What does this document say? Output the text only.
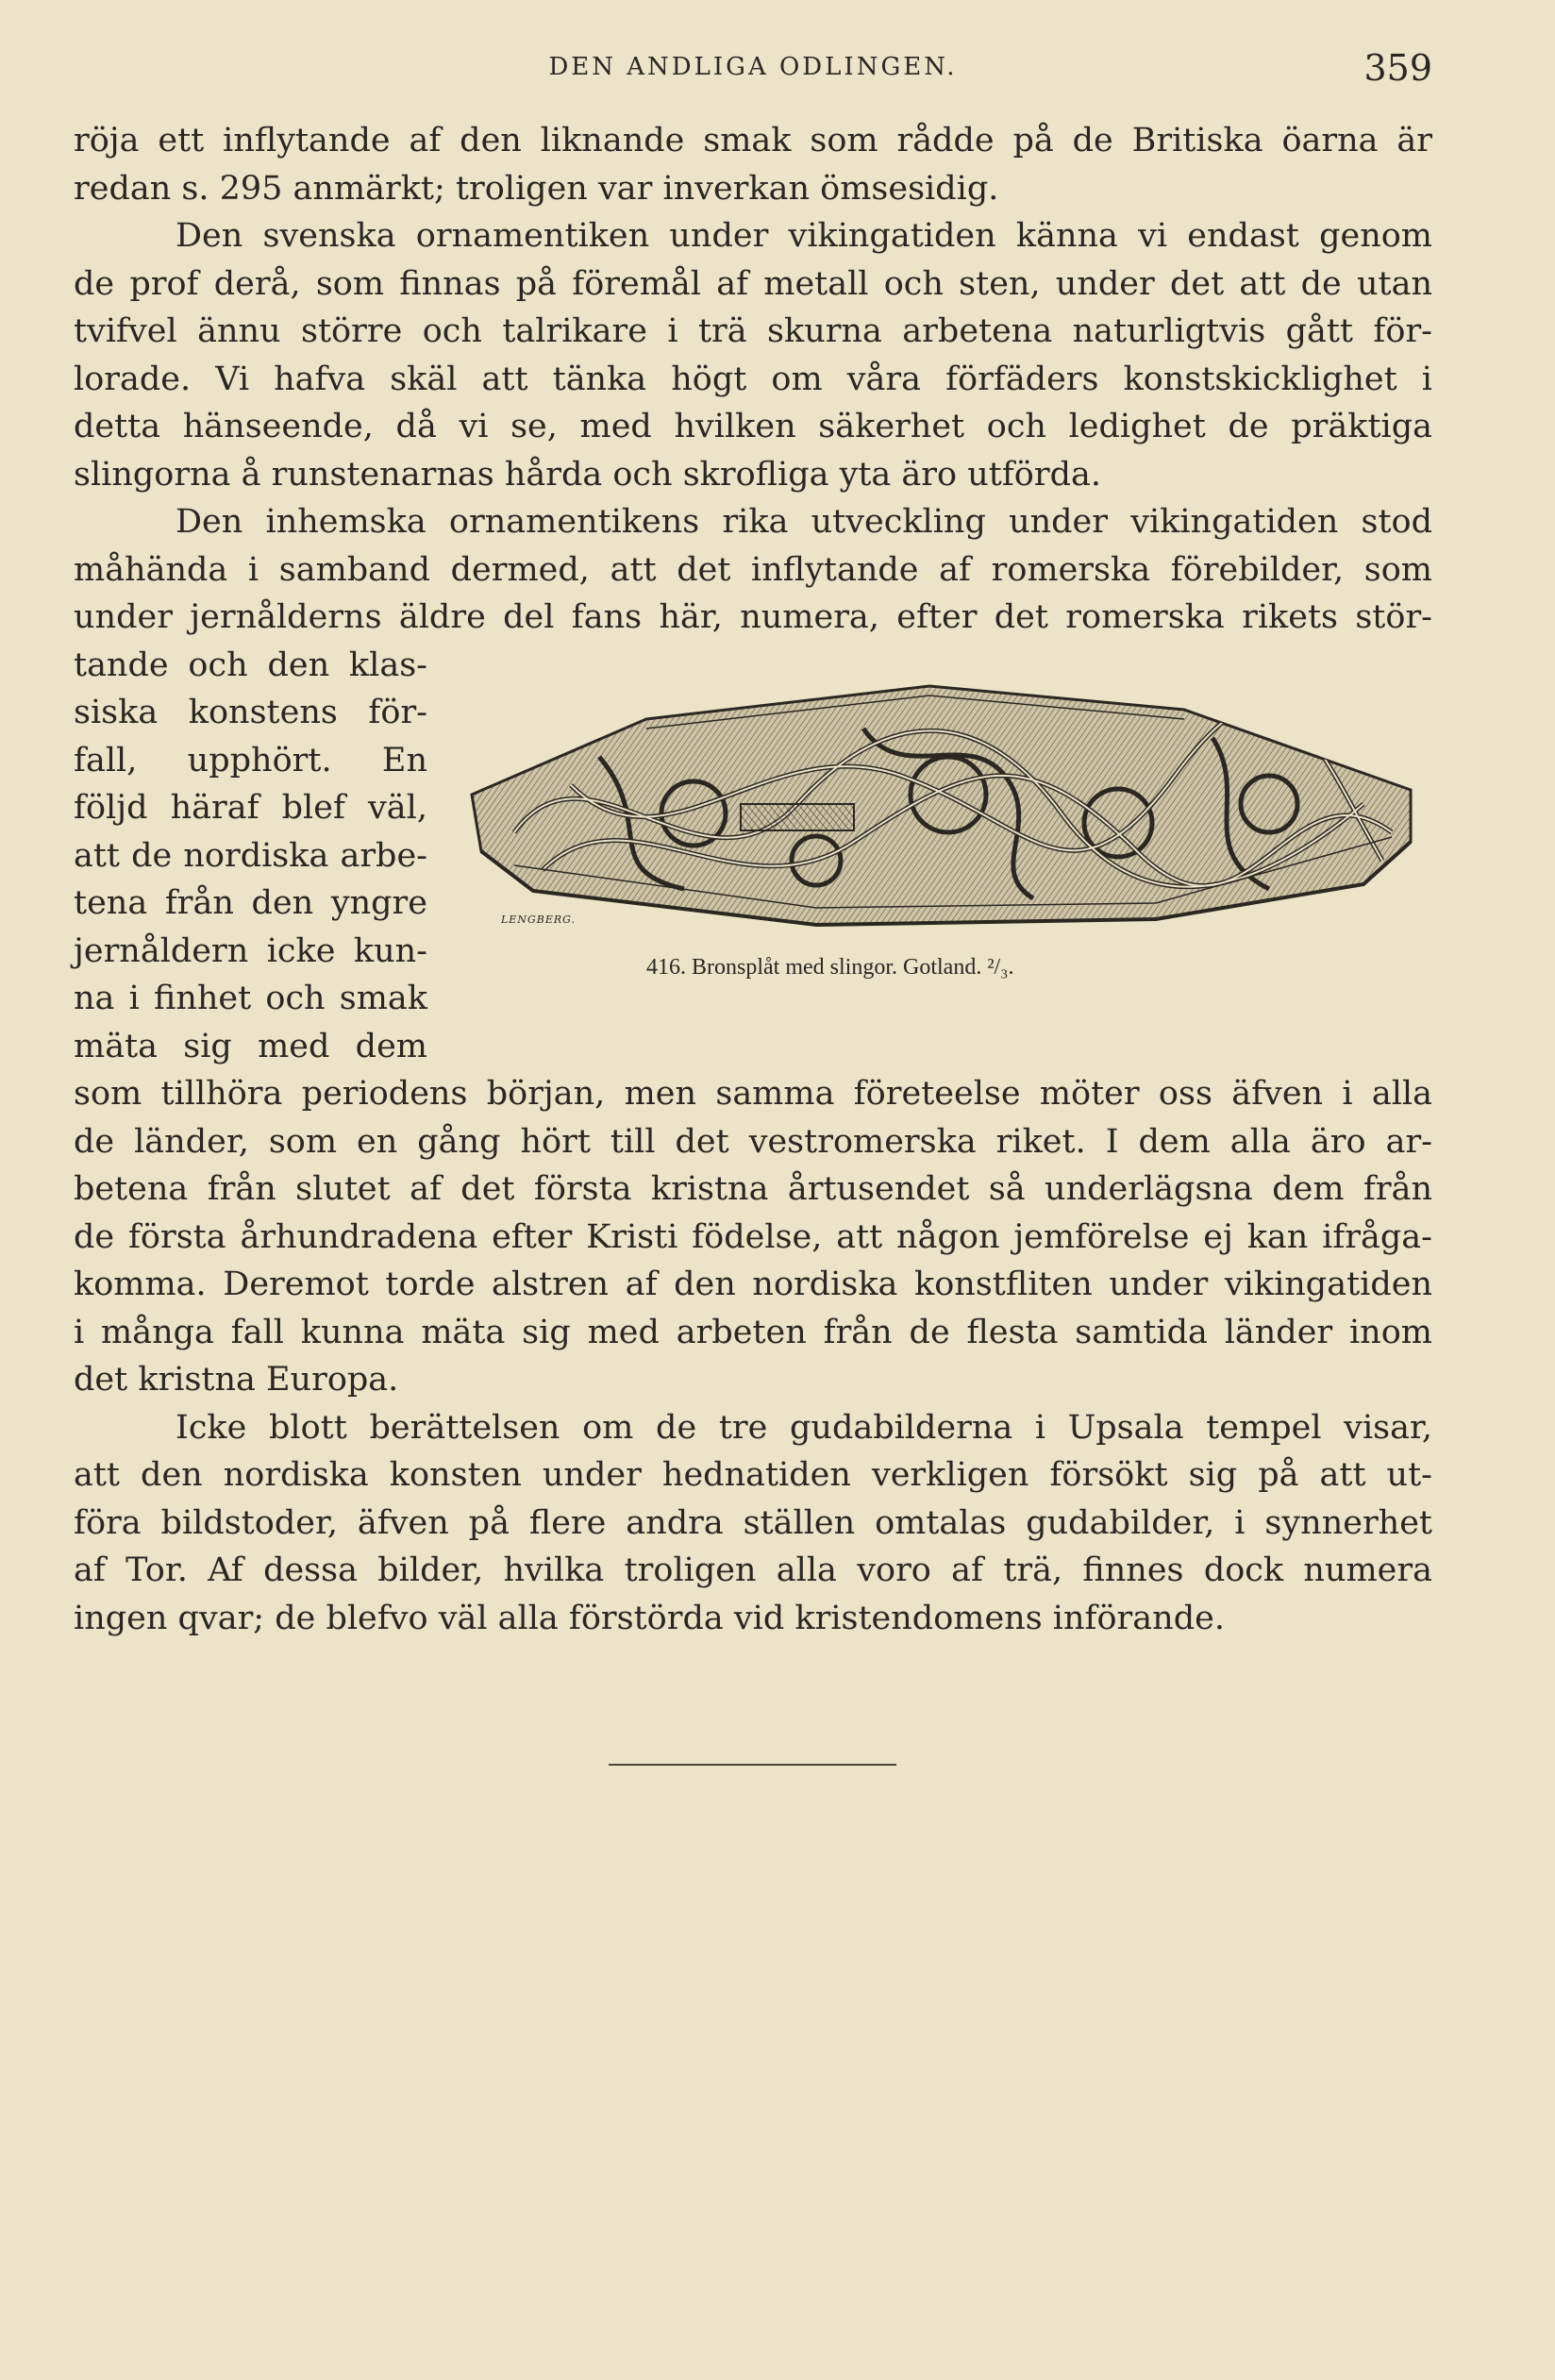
DEN ANDLIGA ODLINGEN.	359
röja ett inflytande af den liknande smak som rådde på de Britiska öarna är
redan s. 295 anmärkt; troligen var inverkan ömsesidig.
Den svenska ornamentiken under vikingatiden känna vi endast genom
de prof derå, som finnas på föremål af metall och sten, under det att de utan
tvifvel ännu större och talrikare i trä skurna arbetena naturligtvis gått för-
lorade. Vi hafva skäl att tänka högt om våra förfäders konstskicklighet i
detta hänseende, då vi se, med hvilken säkerhet och ledighet de präktiga
slingorna å runstenarnas hårda och skrofliga yta äro utförda.
Den inhemska ornamentikens rika utveckling under vikingatiden stod
måhända i samband dermed, att det inflytande af romerska förebilder, som
under jernålderns äldre del fans här, numera, efter det romerska rikets stör-
tande och den klas-
siska konstens för-
fall, upphört. En
följd häraf blef väl,
att de nordiska arbe-
tena från den yngre
jernåldern icke kun-
na i finhet och smak
mäta sig med dem
som tillhöra periodens början, men samma företeelse möter oss äfven i alla
de länder, som en gång hört till det vestromerska riket. I dem alla äro ar-
betena från slutet af det första kristna årtusendet så underlägsna dem från
de första århundradena efter Kristi födelse, att någon jemförelse ej kan ifråga-
komma. Deremot torde alstren af den nordiska konstfliten under vikingatiden
i många fall kunna mäta sig med arbeten från de flesta samtida länder inom
det kristna Europa.
Icke blott berättelsen om de tre gudabilderna i Upsala tempel visar,
att den nordiska konsten under hednatiden verkligen försökt sig på att ut-
föra bildstoder, äfven på flere andra ställen omtalas gudabilder, i synnerhet
af Tor. Af dessa bilder, hvilka troligen alla voro af trä, finnes dock numera
ingen qvar; de blefvo väl alla förstörda vid kristendomens införande.
LENGBERG.
416. Bronsplåt med slingor. Gotland. ²/₃.
